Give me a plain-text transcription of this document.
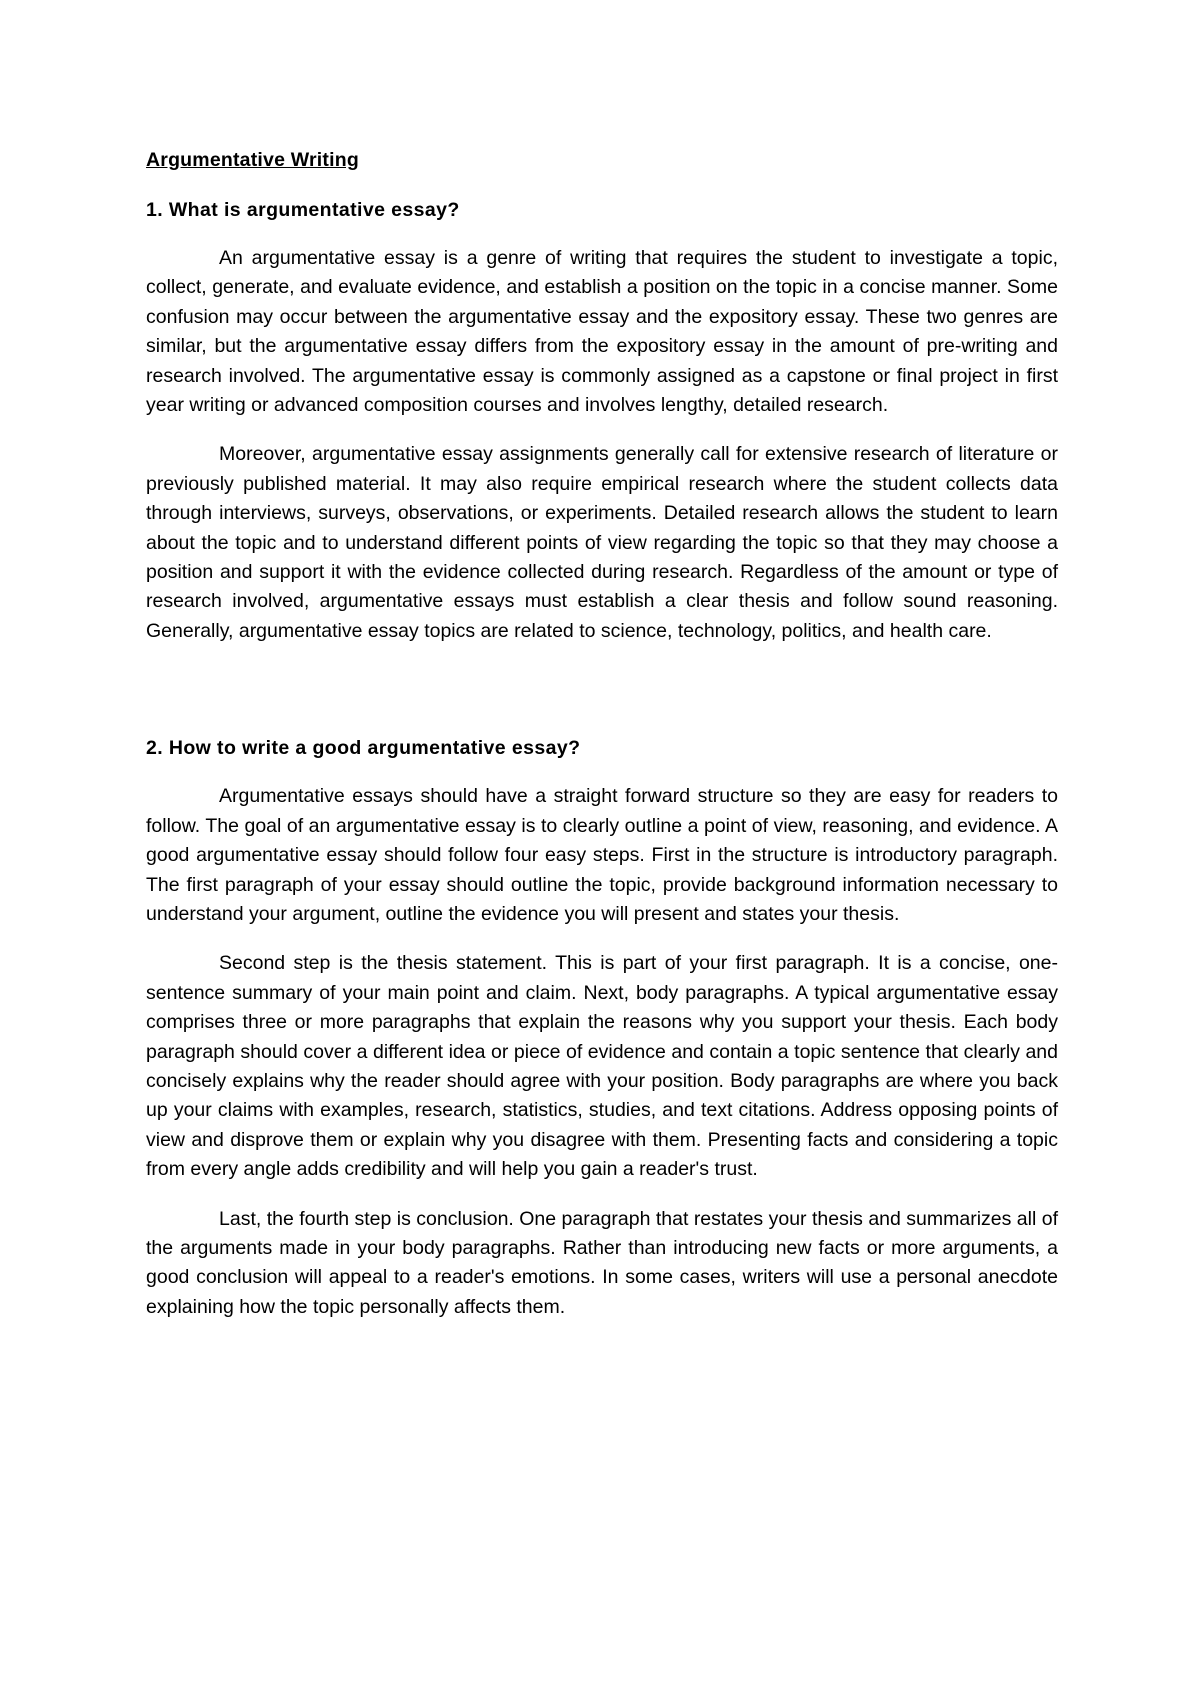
Argumentative Writing
1. What is argumentative essay?

An argumentative essay is a genre of writing that requires the student to investigate a topic, collect, generate, and evaluate evidence, and establish a position on the topic in a concise manner. Some confusion may occur between the argumentative essay and the expository essay. These two genres are similar, but the argumentative essay differs from the expository essay in the amount of pre-writing and research involved. The argumentative essay is commonly assigned as a capstone or final project in first year writing or advanced composition courses and involves lengthy, detailed research.

Moreover, argumentative essay assignments generally call for extensive research of literature or previously published material. It may also require empirical research where the student collects data through interviews, surveys, observations, or experiments. Detailed research allows the student to learn about the topic and to understand different points of view regarding the topic so that they may choose a position and support it with the evidence collected during research. Regardless of the amount or type of research involved, argumentative essays must establish a clear thesis and follow sound reasoning. Generally, argumentative essay topics are related to science, technology, politics, and health care.

2. How to write a good argumentative essay?

Argumentative essays should have a straight forward structure so they are easy for readers to follow. The goal of an argumentative essay is to clearly outline a point of view, reasoning, and evidence. A good argumentative essay should follow four easy steps. First in the structure is introductory paragraph. The first paragraph of your essay should outline the topic, provide background information necessary to understand your argument, outline the evidence you will present and states your thesis.

Second step is the thesis statement. This is part of your first paragraph. It is a concise, one-sentence summary of your main point and claim. Next, body paragraphs. A typical argumentative essay comprises three or more paragraphs that explain the reasons why you support your thesis. Each body paragraph should cover a different idea or piece of evidence and contain a topic sentence that clearly and concisely explains why the reader should agree with your position. Body paragraphs are where you back up your claims with examples, research, statistics, studies, and text citations. Address opposing points of view and disprove them or explain why you disagree with them. Presenting facts and considering a topic from every angle adds credibility and will help you gain a reader's trust.

Last, the fourth step is conclusion. One paragraph that restates your thesis and summarizes all of the arguments made in your body paragraphs. Rather than introducing new facts or more arguments, a good conclusion will appeal to a reader's emotions. In some cases, writers will use a personal anecdote explaining how the topic personally affects them.
